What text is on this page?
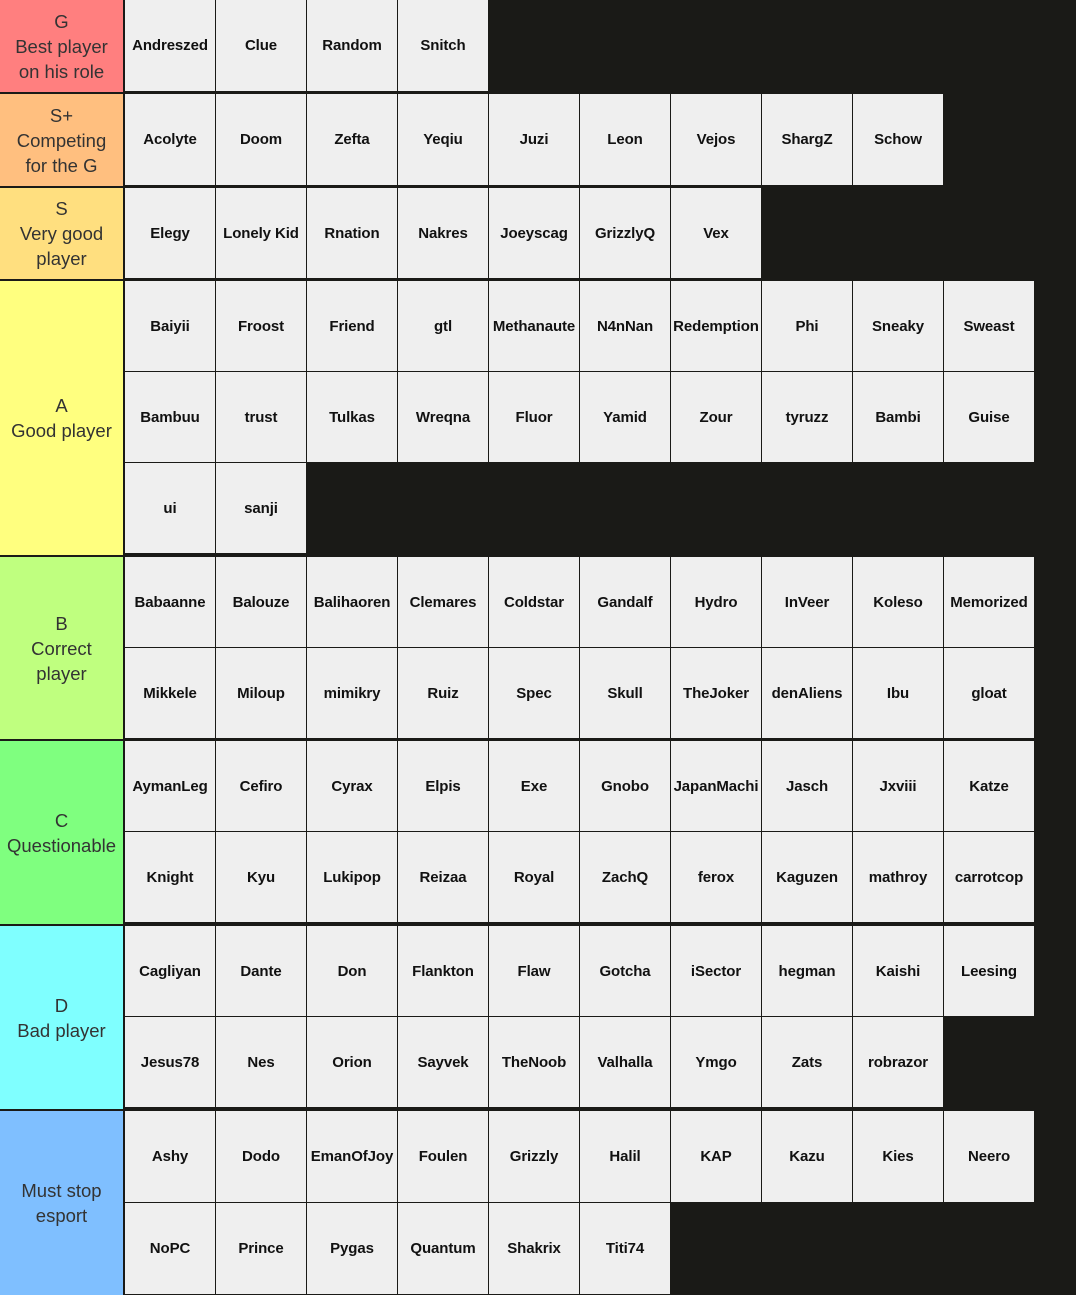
G
Best player
on his role
Andreszed	Clue	Random	Snitch
S+
Competing
for the G
Acolyte	Doom	Zefta	Yeqiu	Juzi	Leon	Vejos	ShargZ	Schow
S
Very good
player
Elegy	Lonely Kid	Rnation	Nakres	Joeyscag	GrizzlyQ	Vex
A
Good player
Baiyii	Froost	Friend	gtl	Methanaute	N4nNan	Redemption	Phi	Sneaky	Sweast
Bambuu	trust	Tulkas	Wreqna	Fluor	Yamid	Zour	tyruzz	Bambi	Guise
ui	sanji
B
Correct
player
Babaanne	Balouze	Balihaoren	Clemares	Coldstar	Gandalf	Hydro	InVeer	Koleso	Memorized
Mikkele	Miloup	mimikry	Ruiz	Spec	Skull	TheJoker	denAliens	Ibu	gloat
C
Questionable
AymanLeg	Cefiro	Cyrax	Elpis	Exe	Gnobo	JapanMachi	Jasch	Jxviii	Katze
Knight	Kyu	Lukipop	Reizaa	Royal	ZachQ	ferox	Kaguzen	mathroy	carrotcop
D
Bad player
Cagliyan	Dante	Don	Flankton	Flaw	Gotcha	iSector	hegman	Kaishi	Leesing
Jesus78	Nes	Orion	Sayvek	TheNoob	Valhalla	Ymgo	Zats	robrazor
Must stop
esport
Ashy	Dodo	EmanOfJoy	Foulen	Grizzly	Halil	KAP	Kazu	Kies	Neero
NoPC	Prince	Pygas	Quantum	Shakrix	Titi74
